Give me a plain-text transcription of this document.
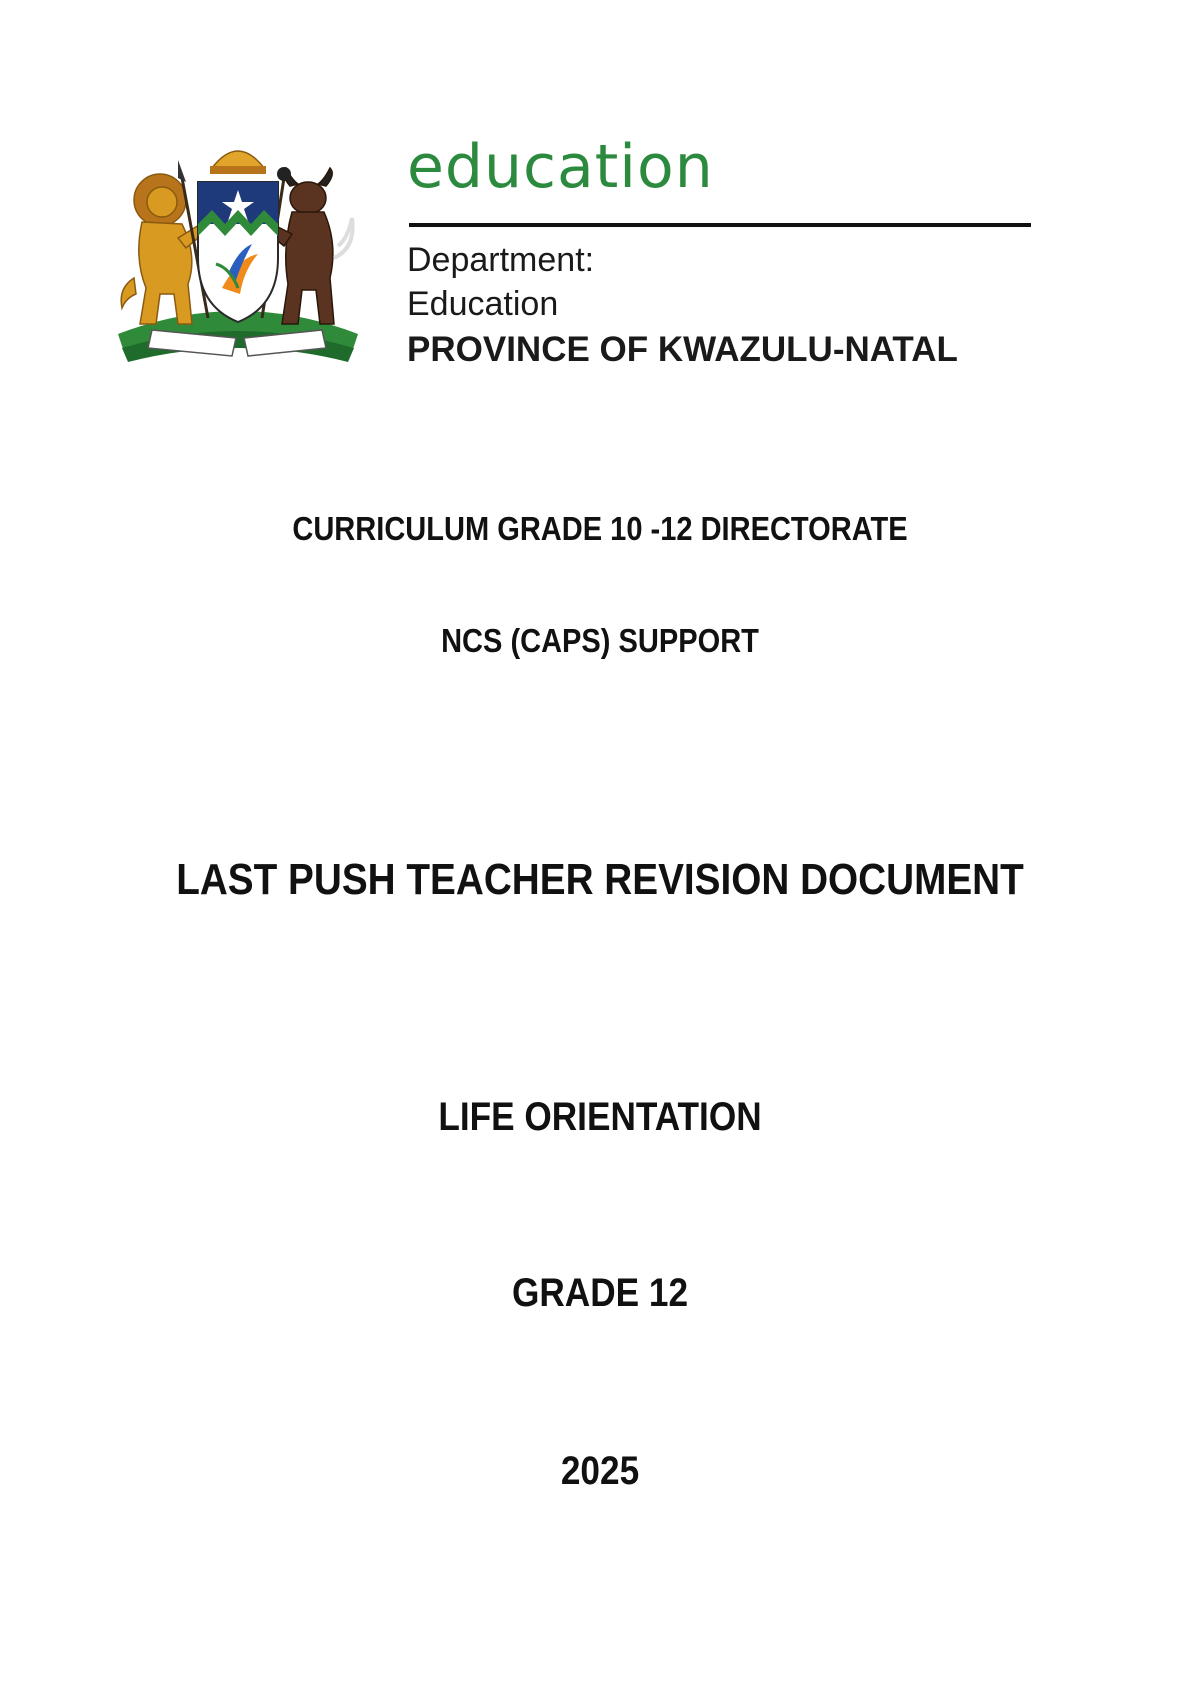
education
Department:
Education
PROVINCE OF KWAZULU-NATAL
CURRICULUM GRADE 10 -12 DIRECTORATE
NCS (CAPS) SUPPORT
LAST PUSH TEACHER REVISION DOCUMENT
LIFE ORIENTATION
GRADE 12
2025
